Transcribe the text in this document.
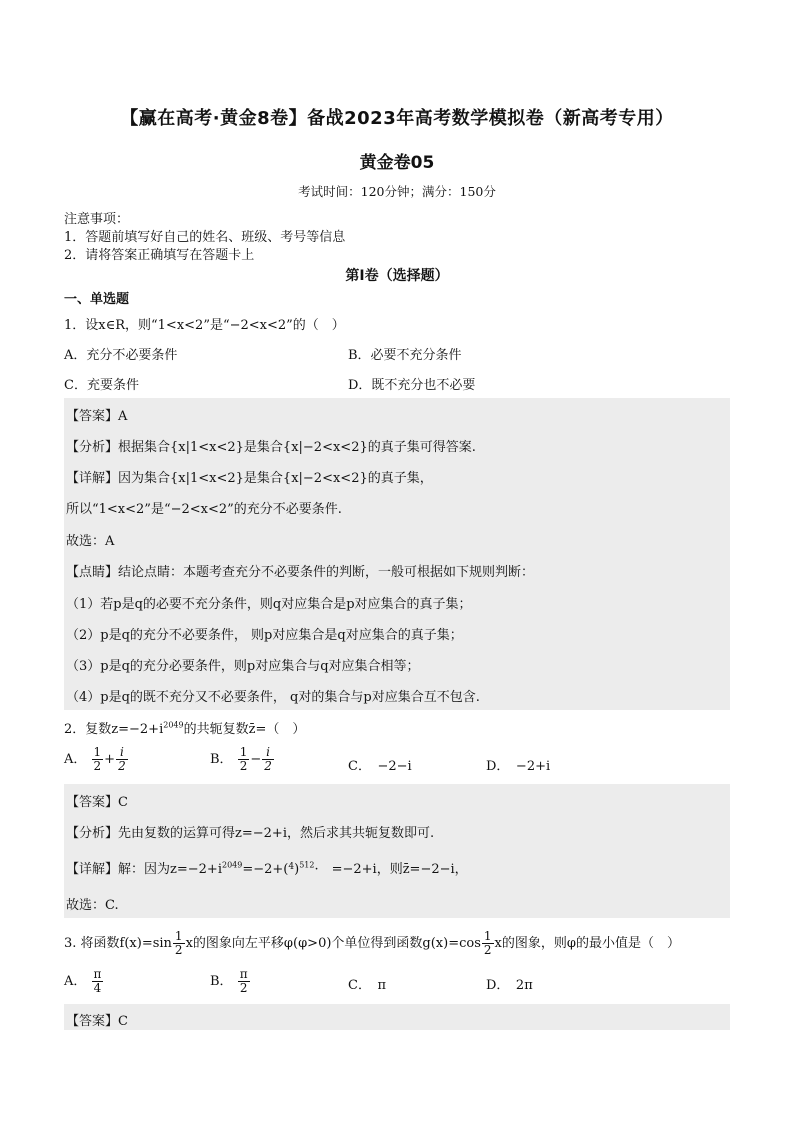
【赢在高考·黄金8卷】备战2023年高考数学模拟卷（新高考专用）
黄金卷05
考试时间：120分钟；满分：150分
注意事项：
1．答题前填写好自己的姓名、班级、考号等信息
2．请将答案正确填写在答题卡上
第Ⅰ卷（选择题）
一、单选题
1．设x∈R，则“1<x<2”是“−2<x<2”的（　）
A．充分不必要条件	B．必要不充分条件
C．充要条件	D．既不充分也不必要
【答案】A
【分析】根据集合{x|1<x<2}是集合{x|−2<x<2}的真子集可得答案.
【详解】因为集合{x|1<x<2}是集合{x|−2<x<2}的真子集，
所以“1<x<2”是“−2<x<2”的充分不必要条件.
故选：A
【点睛】结论点睛：本题考查充分不必要条件的判断，一般可根据如下规则判断：
（1）若p是q的必要不充分条件，则q对应集合是p对应集合的真子集；
（2）p是q的充分不必要条件， 则p对应集合是q对应集合的真子集；
（3）p是q的充分必要条件，则p对应集合与q对应集合相等；
（4）p是q的既不充分又不必要条件， q对的集合与p对应集合互不包含.
2．复数$z=-2+i^{2049}$的共轭复数z̄=（　）
A． $\frac{1}{2} + \frac{i}{2}$	B． $\frac{1}{2} - \frac{i}{2}$	C．　−2−i	D．　−2+i
【答案】C
【分析】先由复数的运算可得z=−2+i，然后求其共轭复数即可.
【详解】解：因为$z=-2+i^{2049}=-2+(^4)^{512}\cdot$　=−2+i，则z̄=−2−i，
故选：C.
3. 将函数$f(x)=\sin \frac{1}{2}$ x的图象向左平移φ(φ>0)个单位得到函数$g(x)=\cos \frac{1}{2}$ x的图象，则φ的最小值是（　）
A． $\frac{\pi}{4}$	B． $\frac{\pi}{2}$	C．　π	D．　2π
【答案】C
